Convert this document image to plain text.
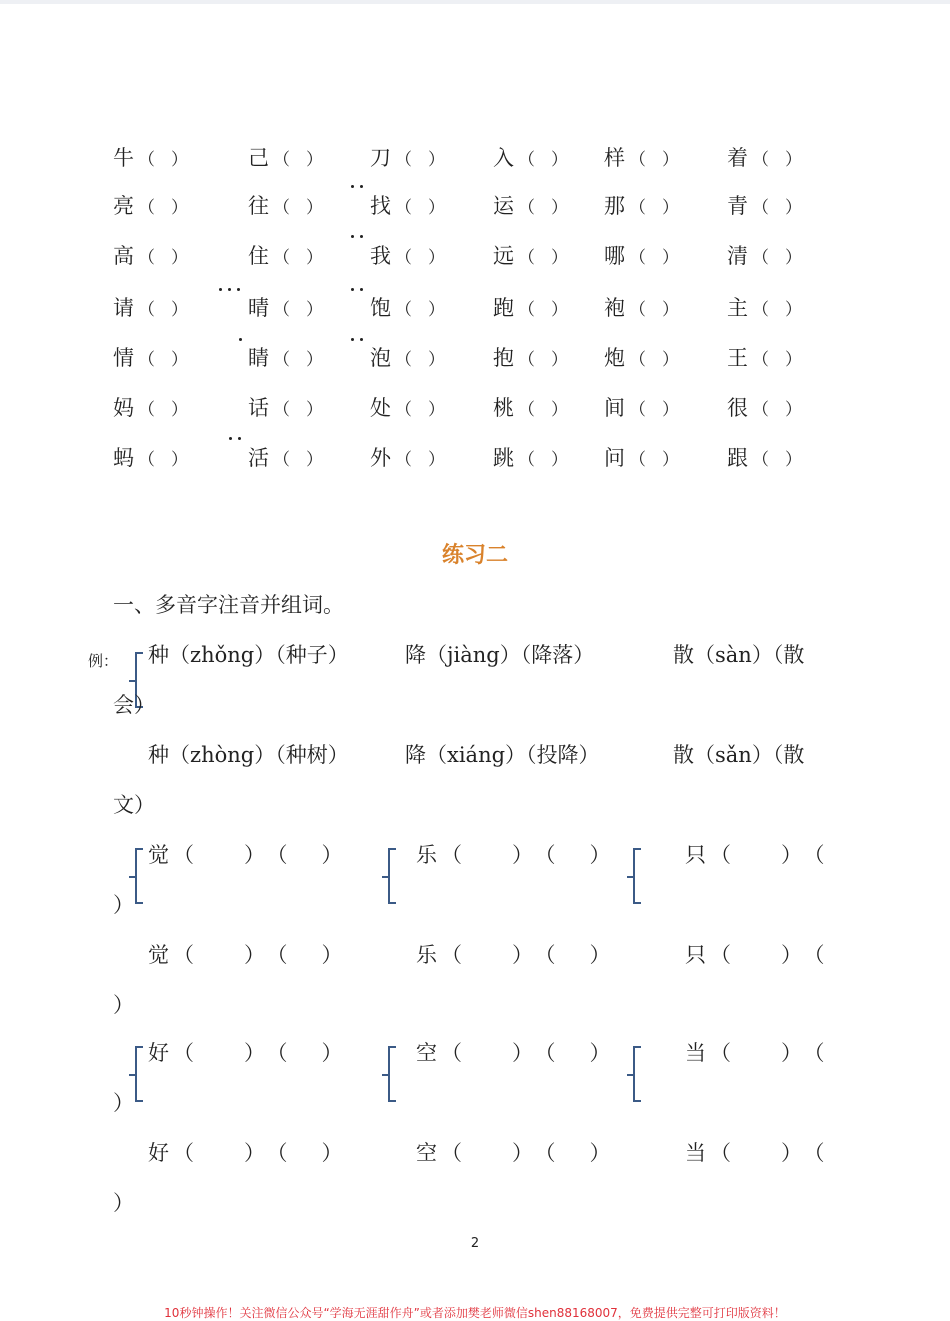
牛 （ ）	己 （ ） 刀 （ ） 入 （ ） 样 （ ） 着 （ ）
亮 （ ）	往 （ ） 找 （ ） 运 （ ） 那 （ ） 青 （ ）
高 （ ）	住 （ ） 我 （ ） 远 （ ） 哪 （ ） 清 （ ）
请 （ ）	晴 （ ） 饱 （ ） 跑 （ ） 袍 （ ） 主 （ ）
情 （ ）	睛 （ ） 泡 （ ） 抱 （ ） 炮 （ ） 王 （ ）
妈 （ ）	话 （ ） 处 （ ） 桃 （ ） 间 （ ） 很 （ ）
蚂 （ ）	活 （ ） 外 （ ） 跳 （ ） 问 （ ） 跟 （ ）
练习二
一、多音字注音并组词。
例： 种（zhǒng）（种子）	降（jiàng）（降落）	散（sàn）（散
会）
种（zhòng）（种树）	降（xiáng）（投降）	散（sǎn）（散
文）
觉 （ ） （ ）	乐 （ ） （ ）	只 （ ） （
）
觉 （ ） （ ）	乐 （ ） （ ）	只 （ ） （
）
好 （ ） （ ）	空 （ ） （ ）	当 （ ） （
）
好 （ ） （ ）	空 （ ） （ ）	当 （ ） （
）
2
10秒钟操作！关注微信公众号“学海无涯甜作舟”或者添加樊老师微信shen88168007，免费提供完整可打印版资料！
